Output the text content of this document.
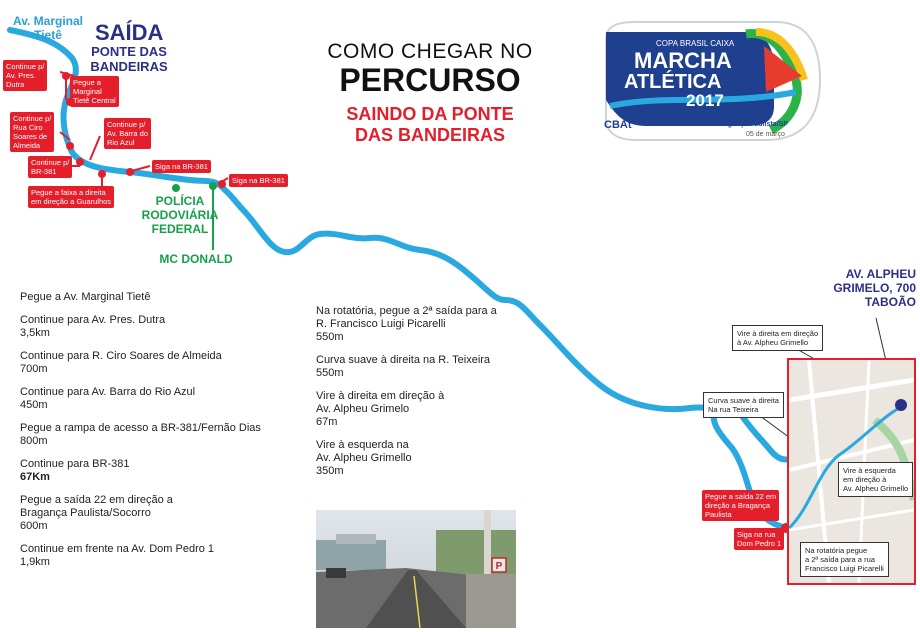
Av. Marginal
Tietê	SAÍDA
PONTE DAS
BANDEIRAS
Continue p/
Av. Pres.
Dutra	Pegue a
Marginal
Tietê Central
Continue p/
Rua Ciro
Soares de
Almeida
Continue p/
Av. Barra do
Rio Azul
Continue p/
BR-381
Pegue a faixa a direita
em direção a Guarulhos
Siga na BR-381
Siga na BR-381
Pegue a saída 22 em
direção a Bragança
Paulista
Siga na rua
Dom Pedro 1
POLÍCIA
RODOVIÁRIA
FEDERAL
MC DONALD
COMO CHEGAR NO
PERCURSO
SAINDO DA PONTE
DAS BANDEIRAS
COPA BRASIL CAIXA
MARCHA
ATLÉTICA
2017
CBAt	Bragança Paulista/SP
05 de março
AV. ALPHEU
GRIMELO, 700
TABOÃO
Vire à direita em direção
à Av. Alpheu Grimello
Curva suave à direita
Na rua Teixeira
Vire à esquerda
em direção à
Av. Alpheu Grimello
Na rotatória pegue
a 2ª saída para a rua
Francisco Luigi Picarelli
Pegue a Av. Marginal Tietê
Continue para Av. Pres. Dutra
3,5km
Continue para R. Ciro Soares de Almeida
700m
Continue para Av. Barra do Rio Azul
450m
Pegue a rampa de acesso a BR-381/Fernão Dias
800m
Continue para BR-381
67Km
Pegue a saída 22 em direção a
Bragança Paulista/Socorro
600m
Continue em frente na Av. Dom Pedro 1
1,9km
Na rotatória, pegue a 2ª saída para a
R. Francisco Luigi Picarelli
550m
Curva suave à direita na R. Teixeira
550m
Vire à direita em direção à
Av. Alpheu Grimelo
67m
Vire à esquerda na
Av. Alpheu Grimello
350m
P
